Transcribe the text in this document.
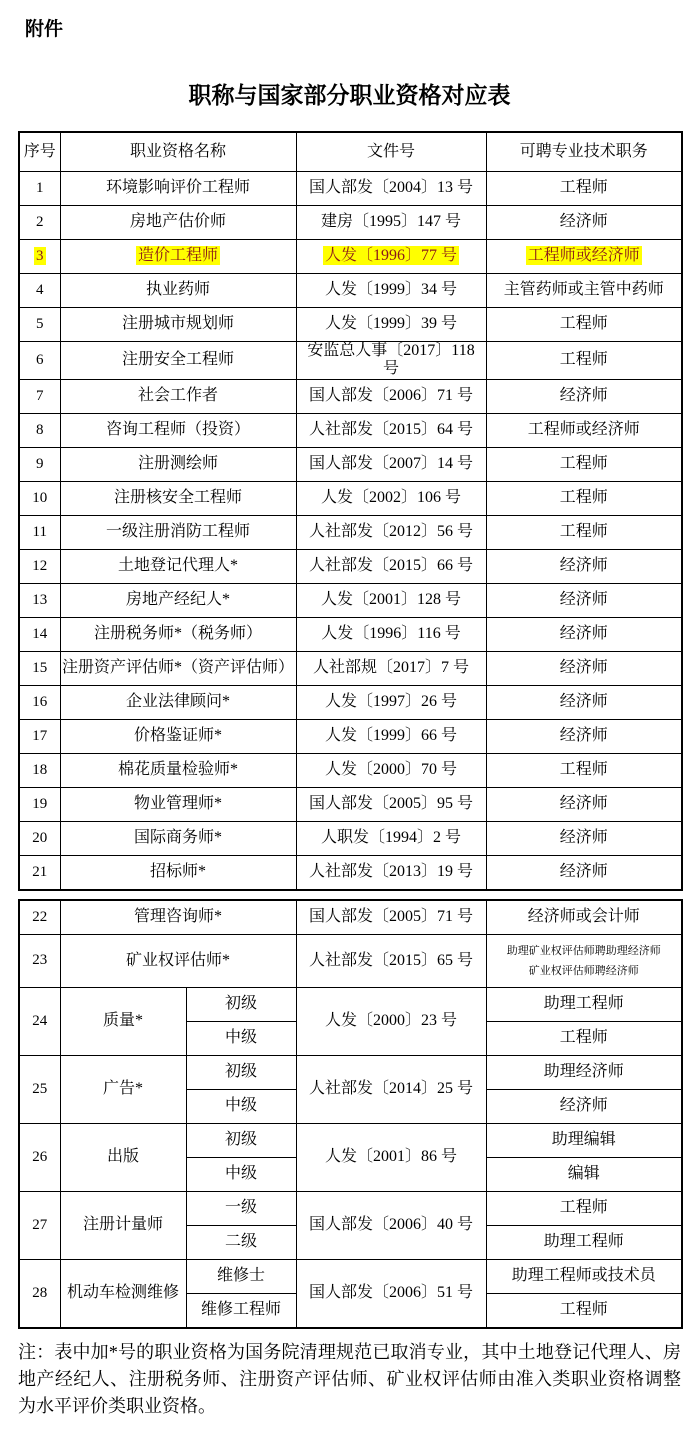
附件
职称与国家部分职业资格对应表
序号	职业资格名称	文件号	可聘专业技术职务
1	环境影响评价工程师	国人部发〔2004〕13 号	工程师
2	房地产估价师	建房〔1995〕147 号	经济师
3	造价工程师	人发〔1996〕77 号	工程师或经济师
4	执业药师	人发〔1999〕34 号	主管药师或主管中药师
5	注册城市规划师	人发〔1999〕39 号	工程师
6	注册安全工程师	安监总人事〔2017〕118 号	工程师
7	社会工作者	国人部发〔2006〕71 号	经济师
8	咨询工程师（投资）	人社部发〔2015〕64 号	工程师或经济师
9	注册测绘师	国人部发〔2007〕14 号	工程师
10	注册核安全工程师	人发〔2002〕106 号	工程师
11	一级注册消防工程师	人社部发〔2012〕56 号	工程师
12	土地登记代理人*	人社部发〔2015〕66 号	经济师
13	房地产经纪人*	人发〔2001〕128 号	经济师
14	注册税务师*（税务师）	人发〔1996〕116 号	经济师
15	注册资产评估师*（资产评估师）	人社部规〔2017〕7 号	经济师
16	企业法律顾问*	人发〔1997〕26 号	经济师
17	价格鉴证师*	人发〔1999〕66 号	经济师
18	棉花质量检验师*	人发〔2000〕70 号	工程师
19	物业管理师*	国人部发〔2005〕95 号	经济师
20	国际商务师*	人职发〔1994〕2 号	经济师
21	招标师*	人社部发〔2013〕19 号	经济师
22	管理咨询师*		国人部发〔2005〕71 号	经济师或会计师
23	矿业权评估师*		人社部发〔2015〕65 号	助理矿业权评估师聘助理经济师
矿业权评估师聘经济师

24	质量*	初级	人发〔2000〕23 号	助理工程师
		中级		工程师
25	广告*	初级	人社部发〔2014〕25 号	助理经济师
		中级		经济师
26	出版	初级	人发〔2001〕86 号	助理编辑
		中级		编辑
27	注册计量师	一级	国人部发〔2006〕40 号	工程师
		二级		助理工程师
28	机动车检测维修	维修士	国人部发〔2006〕51 号	助理工程师或技术员
		维修工程师		工程师

注：表中加*号的职业资格为国务院清理规范已取消专业，其中土地登记代理人、房地产经纪人、注册税务师、注册资产评估师、矿业权评估师由准入类职业资格调整为水平评价类职业资格。
